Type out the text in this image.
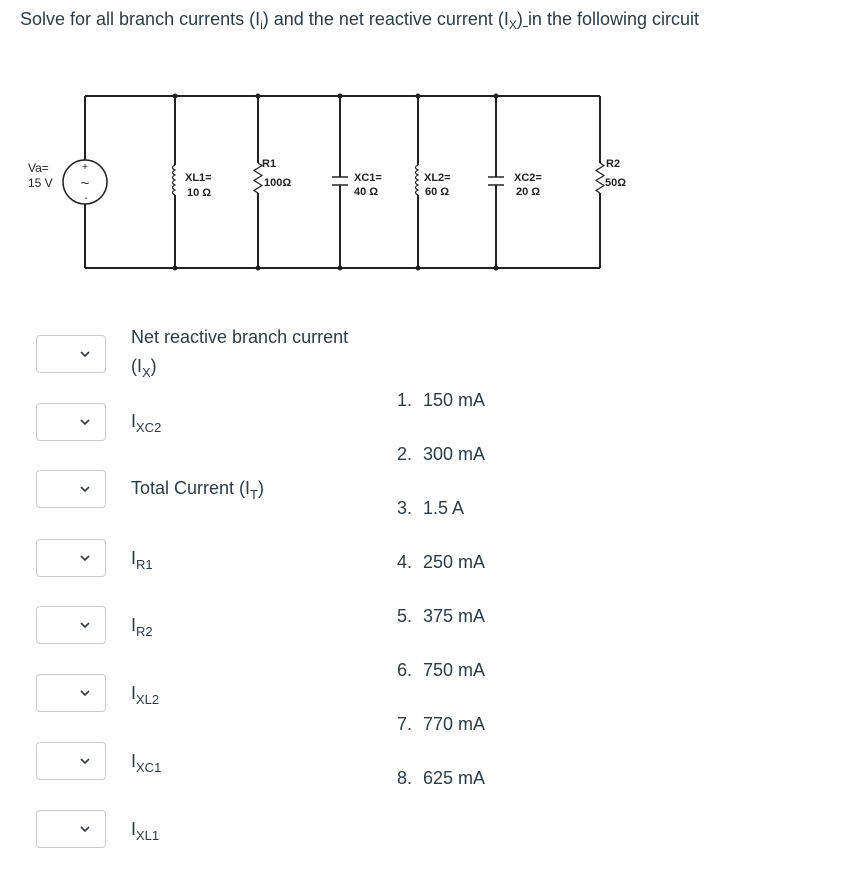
Solve for all branch currents $(I_i)$ and the net reactive current $(I_X)$ in the following circuit
+
~
-
Va=
15 V	XL1=
10 Ω
R1
100Ω	XC1=
40 Ω
XL2=
60 Ω
XC2=
20 Ω
R2
50Ω
Net reactive branch current
$(I_X)$
$I_{XC2}$
Total Current $(I_T)$
$I_{R1}$
$I_{R2}$
$I_{XL2}$
$I_{XC1}$
$I_{XL1}$
1. 150 mA
2. 300 mA
3. 1.5 A
4. 250 mA
5. 375 mA
6. 750 mA
7. 770 mA
8. 625 mA
